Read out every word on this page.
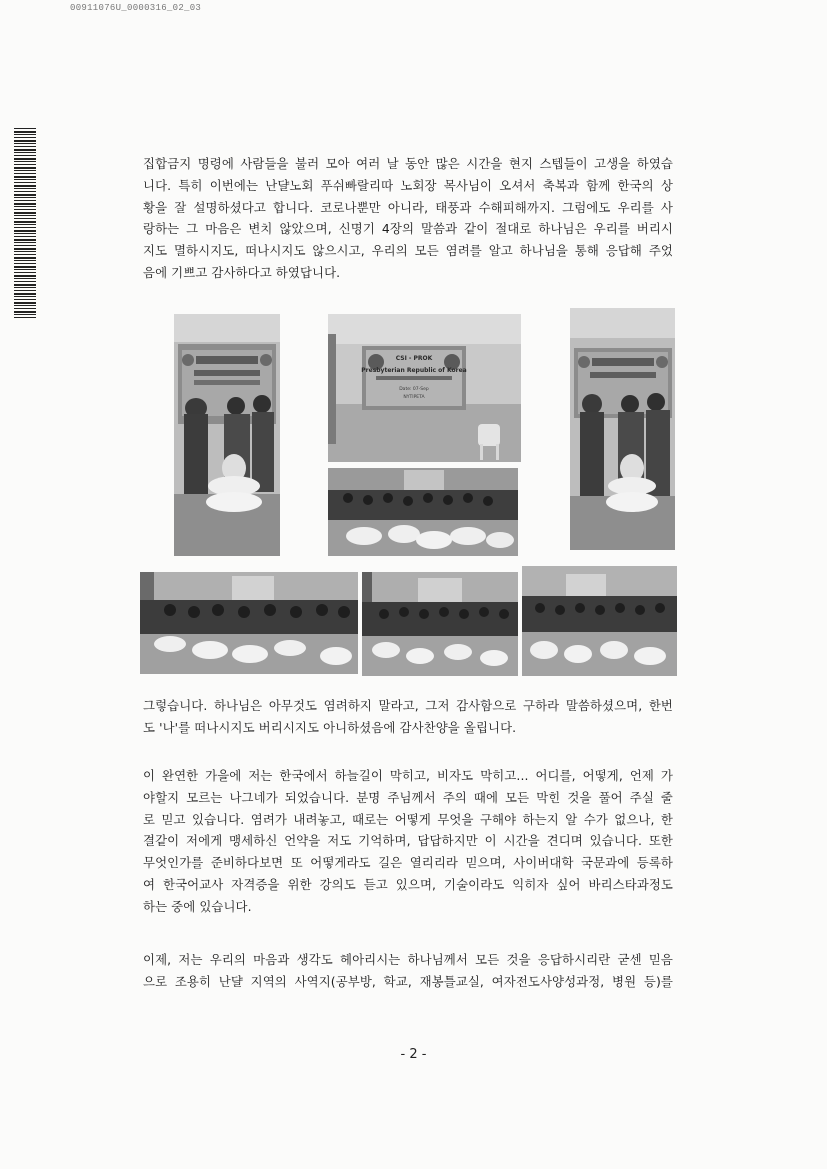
00911076U_0000316_02_03
집합금지 명령에 사람들을 불러 모아 여러 날 동안 많은 시간을 현지 스텝들이 고생을 하였습
니다. 특히 이번에는 난댤노회 푸쉬빠랄리따 노회장 목사님이 오셔서 축복과 함께 한국의 상
황을 잘 설명하셨다고 합니다. 코로나뿐만 아니라, 태풍과 수해피해까지. 그럼에도 우리를 사
랑하는 그 마음은 변치 않았으며, 신명기 4장의 말씀과 같이 절대로 하나님은 우리를 버리시
지도 멸하시지도, 떠나시지도 않으시고, 우리의 모든 염려를 알고 하나님을 통해 응답해 주었
음에 기쁘고 감사하다고 하였답니다.
CSI - PROK
Presbyterian Republic of Korea
Date: 07-Sep
NYTIPETA
그렇습니다. 하나님은 아무것도 염려하지 말라고, 그저 감사함으로 구하라 말씀하셨으며, 한번
도 '나'를 떠나시지도 버리시지도 아니하셨음에 감사찬양을 올립니다.
이 완연한 가을에 저는 한국에서 하늘길이 막히고, 비자도 막히고... 어디를, 어떻게, 언제 가
야할지 모르는 나그네가 되었습니다. 분명 주님께서 주의 때에 모든 막힌 것을 풀어 주실 줄
로 믿고 있습니다. 염려가 내려놓고, 때로는 어떻게 무엇을 구해야 하는지 알 수가 없으나, 한
결같이 저에게 맹세하신 언약을 저도 기억하며, 답답하지만 이 시간을 견디며 있습니다. 또한
무엇인가를 준비하다보면 또 어떻게라도 길은 열리리라 믿으며, 사이버대학 국문과에 등록하
여 한국어교사 자격증을 위한 강의도 듣고 있으며, 기술이라도 익히자 싶어 바리스타과정도
하는 중에 있습니다.
이제, 저는 우리의 마음과 생각도 헤아리시는 하나님께서 모든 것을 응답하시리란 굳센 믿음
으로 조용히 난댤 지역의 사역지(공부방, 학교, 재봉틀교실, 여자전도사양성과정, 병원 등)를
- 2 -
